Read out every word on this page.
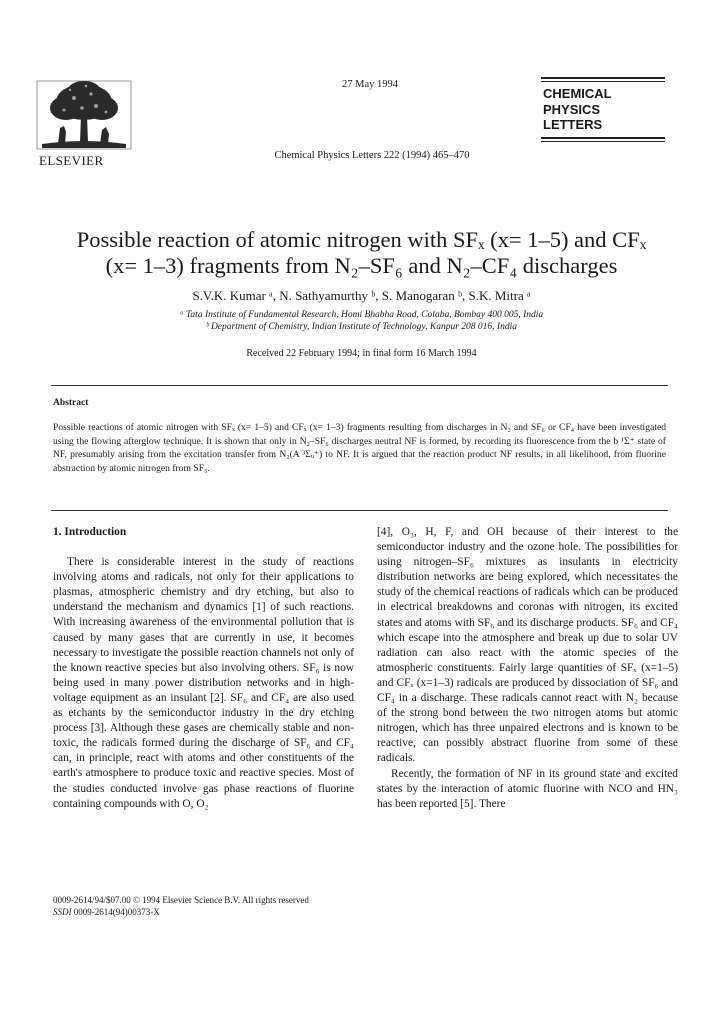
ELSEVIER
27 May 1994
Chemical Physics Letters 222 (1994) 465–470
CHEMICAL
PHYSICS
LETTERS
Possible reaction of atomic nitrogen with SFₓ (x= 1–5) and CFₓ
(x= 1–3) fragments from N₂–SF₆ and N₂–CF₄ discharges
S.V.K. Kumar ᵃ, N. Sathyamurthy ᵇ, S. Manogaran ᵇ, S.K. Mitra ᵃ
ᵃ Tata Institute of Fundamental Research, Homi Bhabha Road, Colaba, Bombay 400 005, India
ᵇ Department of Chemistry, Indian Institute of Technology, Kanpur 208 016, India
Received 22 February 1994; in final form 16 March 1994
Abstract
Possible reactions of atomic nitrogen with SFₓ (x= 1–5) and CFₓ (x= 1–3) fragments resulting from discharges in N₂ and SF₆ or CF₄ have been investigated using the flowing afterglow technique. It is shown that only in N₂–SF₆ discharges neutral NF is formed, by recording its fluorescence from the b ¹Σ⁺ state of NF, presumably arising from the excitation transfer from N₂(A ³Σᵤ⁺) to NF. It is argued that the reaction product NF results, in all likelihood, from fluorine abstraction by atomic nitrogen from SF₅.
1. Introduction

There is considerable interest in the study of reactions involving atoms and radicals, not only for their applications to plasmas, atmospheric chemistry and dry etching, but also to understand the mechanism and dynamics [1] of such reactions. With increasing awareness of the environmental pollution that is caused by many gases that are currently in use, it becomes necessary to investigate the possible reaction channels not only of the known reactive species but also involving others. SF₆ is now being used in many power distribution networks and in high-voltage equipment as an insulant [2]. SF₆ and CF₄ are also used as etchants by the semiconductor industry in the dry etching process [3]. Although these gases are chemically stable and non-toxic, the radicals formed during the discharge of SF₆ and CF₄ can, in principle, react with atoms and other constituents of the earth's atmosphere to produce toxic and reactive species. Most of the studies conducted involve gas phase reactions of fluorine containing compounds with O, O₂

[4], O₃, H, F, and OH because of their interest to the semiconductor industry and the ozone hole. The possibilities for using nitrogen–SF₆ mixtures as insulants in electricity distribution networks are being explored, which necessitates the study of the chemical reactions of radicals which can be produced in electrical breakdowns and coronas with nitrogen, its excited states and atoms with SF₆ and its discharge products. SF₆ and CF₄ which escape into the atmosphere and break up due to solar UV radiation can also react with the atomic species of the atmospheric constituents. Fairly large quantities of SFₓ (x=1–5) and CFₓ (x=1–3) radicals are produced by dissociation of SF₆ and CF₄ in a discharge. These radicals cannot react with N₂ because of the strong bond between the two nitrogen atoms but atomic nitrogen, which has three unpaired electrons and is known to be reactive, can possibly abstract fluorine from some of these radicals.

Recently, the formation of NF in its ground state and excited states by the interaction of atomic fluorine with NCO and HN₃ has been reported [5]. There

0009-2614/94/$07.00 © 1994 Elsevier Science B.V. All rights reserved
SSDI 0009-2614(94)00373-X
